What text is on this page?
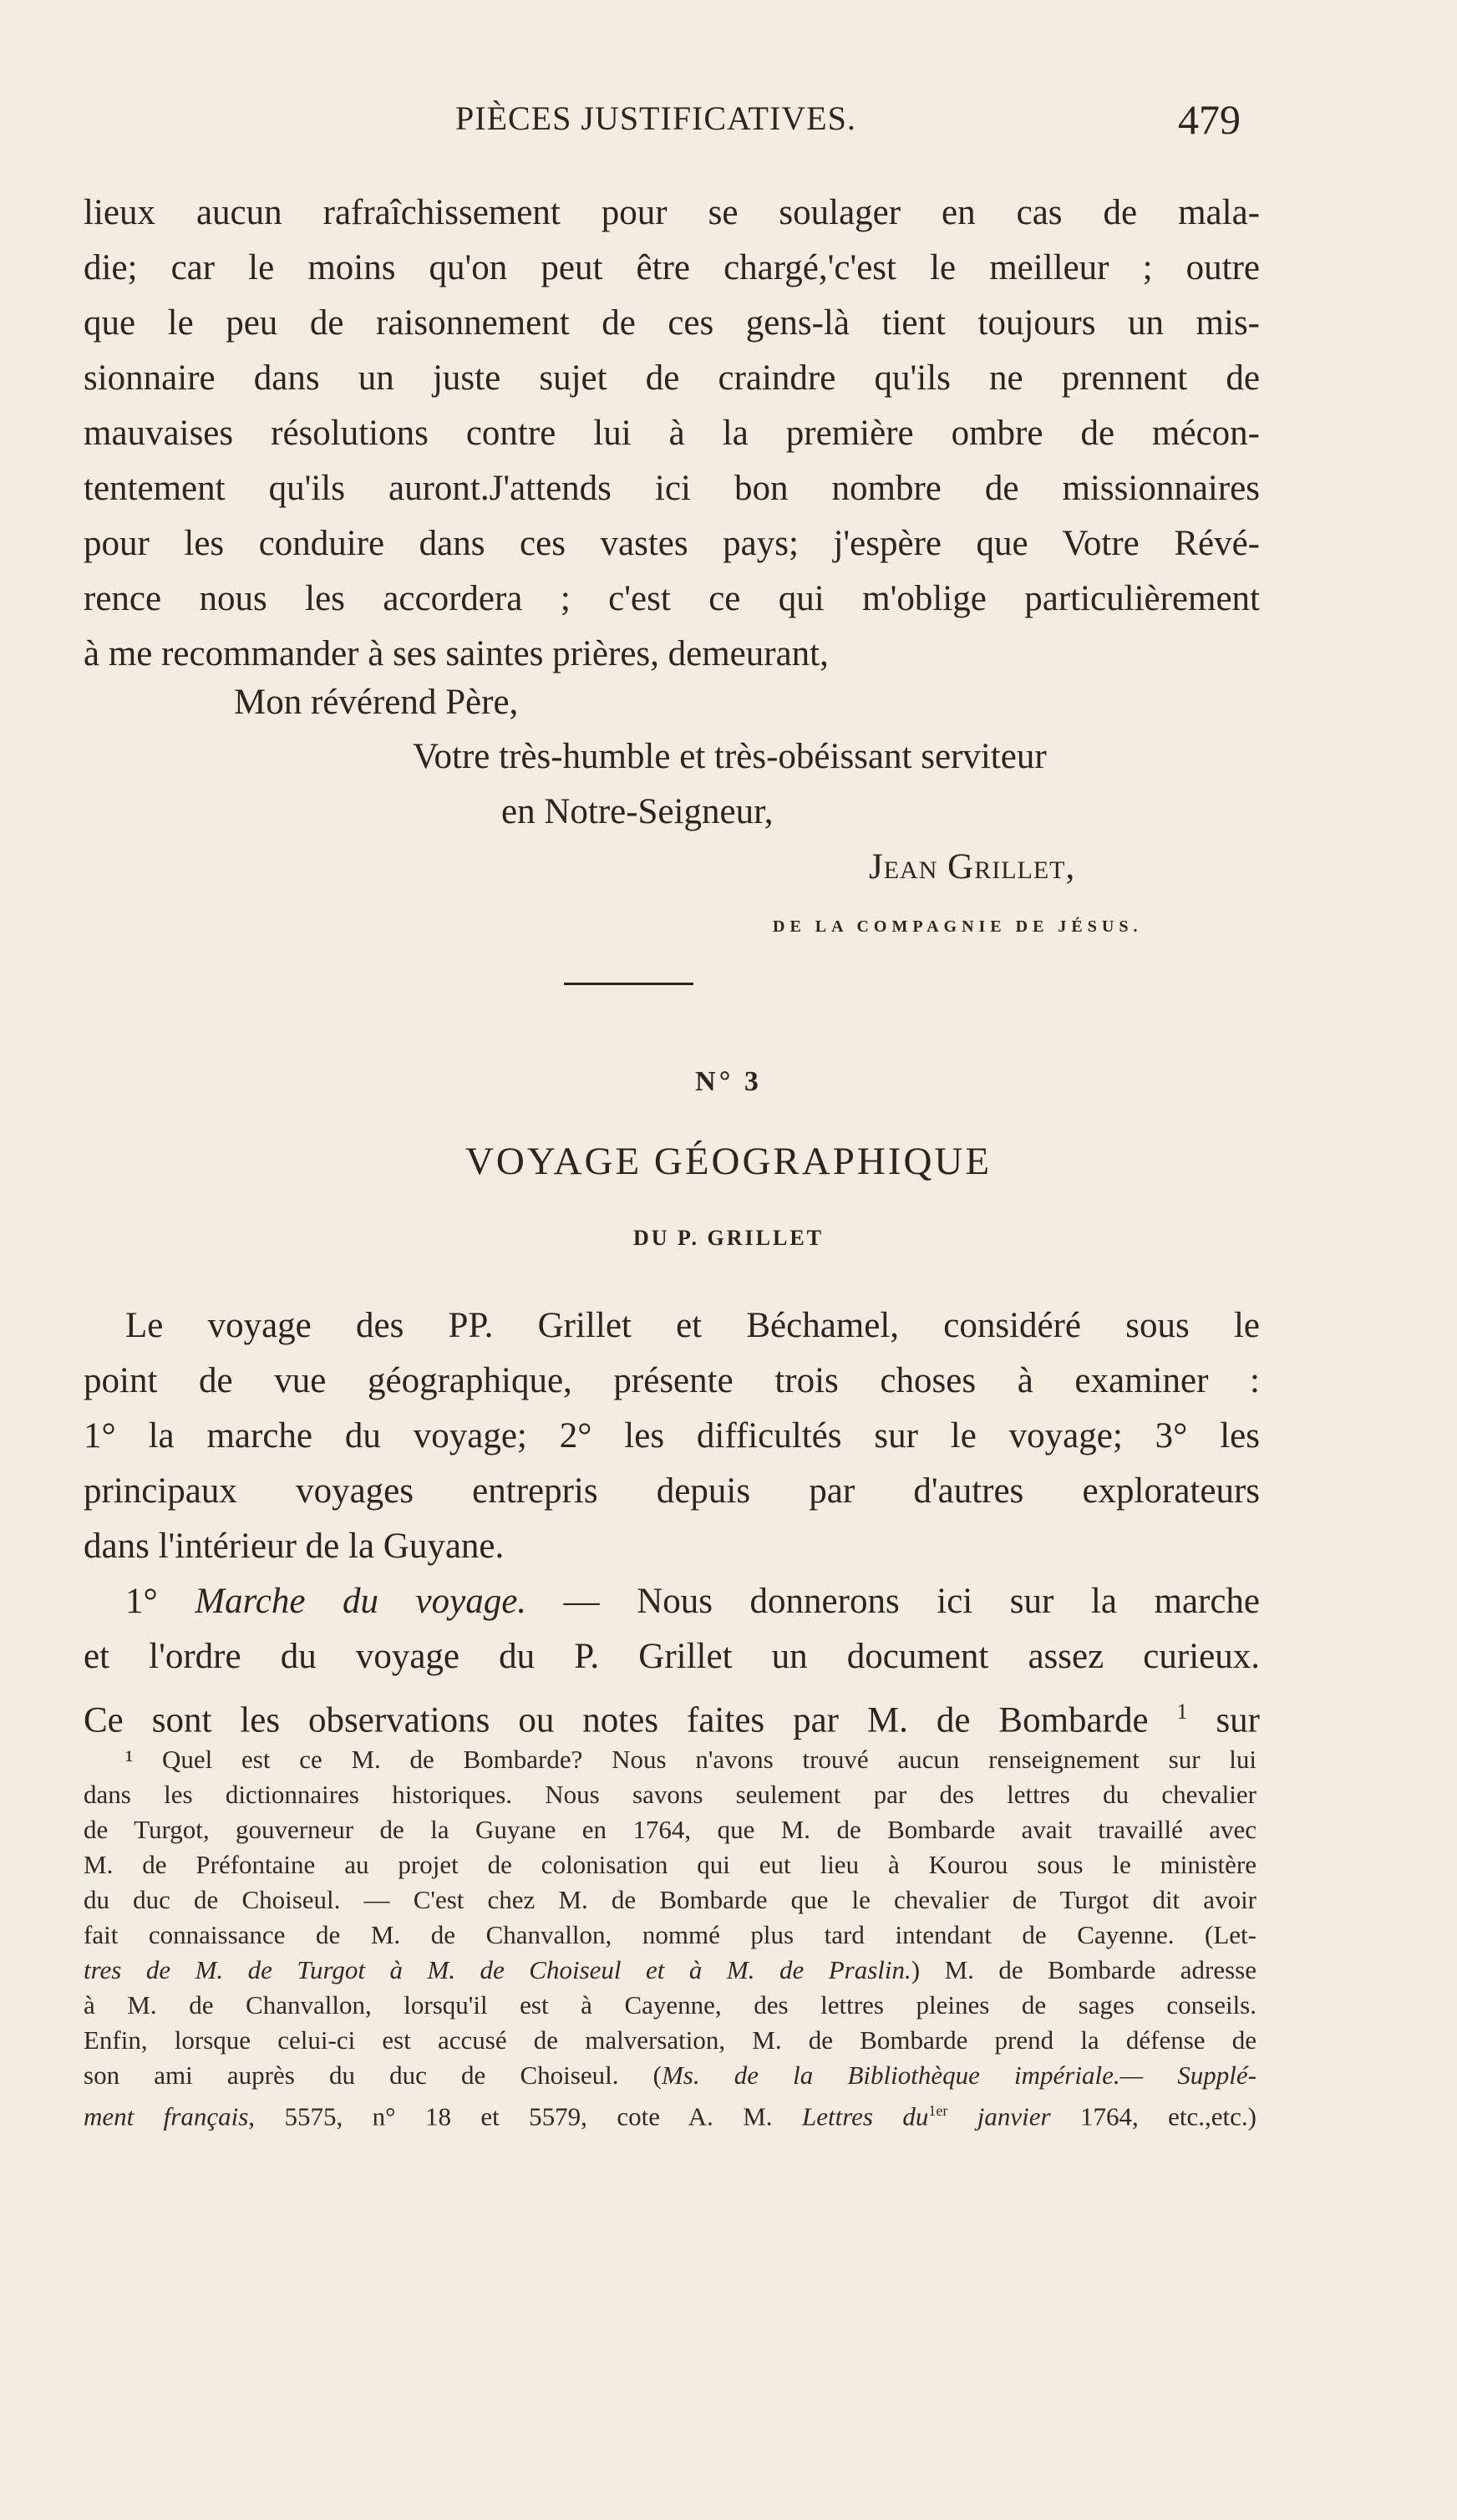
PIÈCES JUSTIFICATIVES.	479
lieux aucun rafraîchissement pour se soulager en cas de mala-
die; car le moins qu'on peut être chargé,'c'est le meilleur ; outre
que le peu de raisonnement de ces gens-là tient toujours un mis-
sionnaire dans un juste sujet de craindre qu'ils ne prennent de
mauvaises résolutions contre lui à la première ombre de mécon-
tentement qu'ils auront.J'attends ici bon nombre de missionnaires
pour les conduire dans ces vastes pays; j'espère que Votre Révé-
rence nous les accordera ; c'est ce qui m'oblige particulièrement
à me recommander à ses saintes prières, demeurant,
Mon révérend Père,
Votre très-humble et très-obéissant serviteur
en Notre-Seigneur,
Jean Grillet,
DE LA COMPAGNIE DE JÉSUS.
N° 3
VOYAGE GÉOGRAPHIQUE
DU P. GRILLET
Le voyage des PP. Grillet et Béchamel, considéré sous le
point de vue géographique, présente trois choses à examiner :
1° la marche du voyage; 2° les difficultés sur le voyage; 3° les
principaux voyages entrepris depuis par d'autres explorateurs
dans l'intérieur de la Guyane.
1° Marche du voyage. — Nous donnerons ici sur la marche
et l'ordre du voyage du P. Grillet un document assez curieux.
Ce sont les observations ou notes faites par M. de Bombarde $^1$ sur
¹ Quel est ce M. de Bombarde? Nous n'avons trouvé aucun renseignement sur lui
dans les dictionnaires historiques. Nous savons seulement par des lettres du chevalier
de Turgot, gouverneur de la Guyane en 1764, que M. de Bombarde avait travaillé avec
M. de Préfontaine au projet de colonisation qui eut lieu à Kourou sous le ministère
du duc de Choiseul. — C'est chez M. de Bombarde que le chevalier de Turgot dit avoir
fait connaissance de M. de Chanvallon, nommé plus tard intendant de Cayenne. (Let-
tres de M. de Turgot à M. de Choiseul et à M. de Praslin.) M. de Bombarde adresse
à M. de Chanvallon, lorsqu'il est à Cayenne, des lettres pleines de sages conseils.
Enfin, lorsque celui-ci est accusé de malversation, M. de Bombarde prend la défense de
son ami auprès du duc de Choiseul. (Ms. de la Bibliothèque impériale.— Supplé-
ment français, 5575, n° 18 et 5579, cote A. M. Lettres $du^{1er}$ janvier 1764, etc.,etc.)
